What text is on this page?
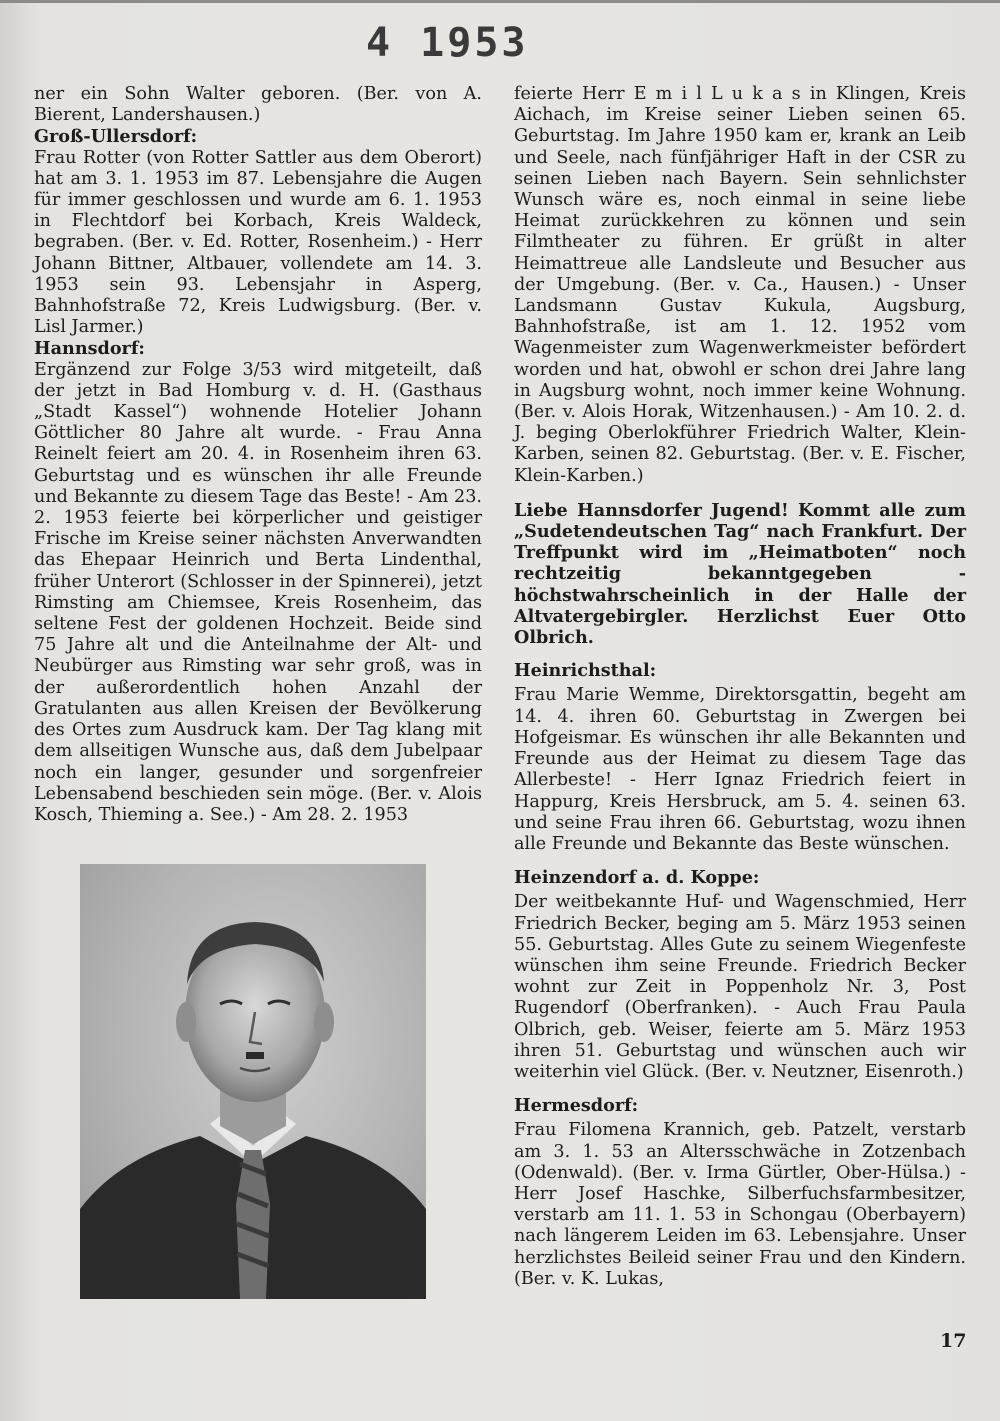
4 1953

ner ein Sohn Walter geboren. (Ber. von A. Bierent, Landershausen.)

Groß-Ullersdorf:

Frau Rotter (von Rotter Sattler aus dem Oberort) hat am 3. 1. 1953 im 87. Lebensjahre die Augen für immer geschlossen und wurde am 6. 1. 1953 in Flechtdorf bei Korbach, Kreis Waldeck, begraben. (Ber. v. Ed. Rotter, Rosenheim.) - Herr Johann Bittner, Altbauer, vollendete am 14. 3. 1953 sein 93. Lebensjahr in Asperg, Bahnhofstraße 72, Kreis Ludwigsburg. (Ber. v. Lisl Jarmer.)

Hannsdorf:

Ergänzend zur Folge 3/53 wird mitgeteilt, daß der jetzt in Bad Homburg v. d. H. (Gasthaus „Stadt Kassel“) wohnende Hotelier Johann Göttlicher 80 Jahre alt wurde. - Frau Anna Reinelt feiert am 20. 4. in Rosenheim ihren 63. Geburtstag und es wünschen ihr alle Freunde und Bekannte zu diesem Tage das Beste! - Am 23. 2. 1953 feierte bei körperlicher und geistiger Frische im Kreise seiner nächsten Anverwandten das Ehepaar Heinrich und Berta Lindenthal, früher Unterort (Schlosser in der Spinnerei), jetzt Rimsting am Chiemsee, Kreis Rosenheim, das seltene Fest der goldenen Hochzeit. Beide sind 75 Jahre alt und die Anteilnahme der Alt- und Neubürger aus Rimsting war sehr groß, was in der außerordentlich hohen Anzahl der Gratulanten aus allen Kreisen der Bevölkerung des Ortes zum Ausdruck kam. Der Tag klang mit dem allseitigen Wunsche aus, daß dem Jubelpaar noch ein langer, gesunder und sorgenfreier Lebensabend beschieden sein möge. (Ber. v. Alois Kosch, Thieming a. See.) - Am 28. 2. 1953

feierte Herr E m i l L u k a s in Klingen, Kreis Aichach, im Kreise seiner Lieben seinen 65. Geburtstag. Im Jahre 1950 kam er, krank an Leib und Seele, nach fünfjähriger Haft in der CSR zu seinen Lieben nach Bayern. Sein sehnlichster Wunsch wäre es, noch einmal in seine liebe Heimat zurückkehren zu können und sein Filmtheater zu führen. Er grüßt in alter Heimattreue alle Landsleute und Besucher aus der Umgebung. (Ber. v. Ca., Hausen.) - Unser Landsmann Gustav Kukula, Augsburg, Bahnhofstraße, ist am 1. 12. 1952 vom Wagenmeister zum Wagenwerkmeister befördert worden und hat, obwohl er schon drei Jahre lang in Augsburg wohnt, noch immer keine Wohnung. (Ber. v. Alois Horak, Witzenhausen.) - Am 10. 2. d. J. beging Oberlokführer Friedrich Walter, Klein-Karben, seinen 82. Geburtstag. (Ber. v. E. Fischer, Klein-Karben.)

Liebe Hannsdorfer Jugend! Kommt alle zum „Sudetendeutschen Tag“ nach Frankfurt. Der Treffpunkt wird im „Heimatboten“ noch rechtzeitig bekanntgegeben - höchstwahrscheinlich in der Halle der Altvatergebirgler. Herzlichst Euer Otto Olbrich.

Heinrichsthal:

Frau Marie Wemme, Direktorsgattin, begeht am 14. 4. ihren 60. Geburtstag in Zwergen bei Hofgeismar. Es wünschen ihr alle Bekannten und Freunde aus der Heimat zu diesem Tage das Allerbeste! - Herr Ignaz Friedrich feiert in Happurg, Kreis Hersbruck, am 5. 4. seinen 63. und seine Frau ihren 66. Geburtstag, wozu ihnen alle Freunde und Bekannte das Beste wünschen.

Heinzendorf a. d. Koppe:

Der weitbekannte Huf- und Wagenschmied, Herr Friedrich Becker, beging am 5. März 1953 seinen 55. Geburtstag. Alles Gute zu seinem Wiegenfeste wünschen ihm seine Freunde. Friedrich Becker wohnt zur Zeit in Poppenholz Nr. 3, Post Rugendorf (Oberfranken). - Auch Frau Paula Olbrich, geb. Weiser, feierte am 5. März 1953 ihren 51. Geburtstag und wünschen auch wir weiterhin viel Glück. (Ber. v. Neutzner, Eisenroth.)

Hermesdorf:

Frau Filomena Krannich, geb. Patzelt, verstarb am 3. 1. 53 an Altersschwäche in Zotzenbach (Odenwald). (Ber. v. Irma Gürtler, Ober-Hülsa.) - Herr Josef Haschke, Silberfuchsfarmbesitzer, verstarb am 11. 1. 53 in Schongau (Oberbayern) nach längerem Leiden im 63. Lebensjahre. Unser herzlichstes Beileid seiner Frau und den Kindern. (Ber. v. K. Lukas,

17
